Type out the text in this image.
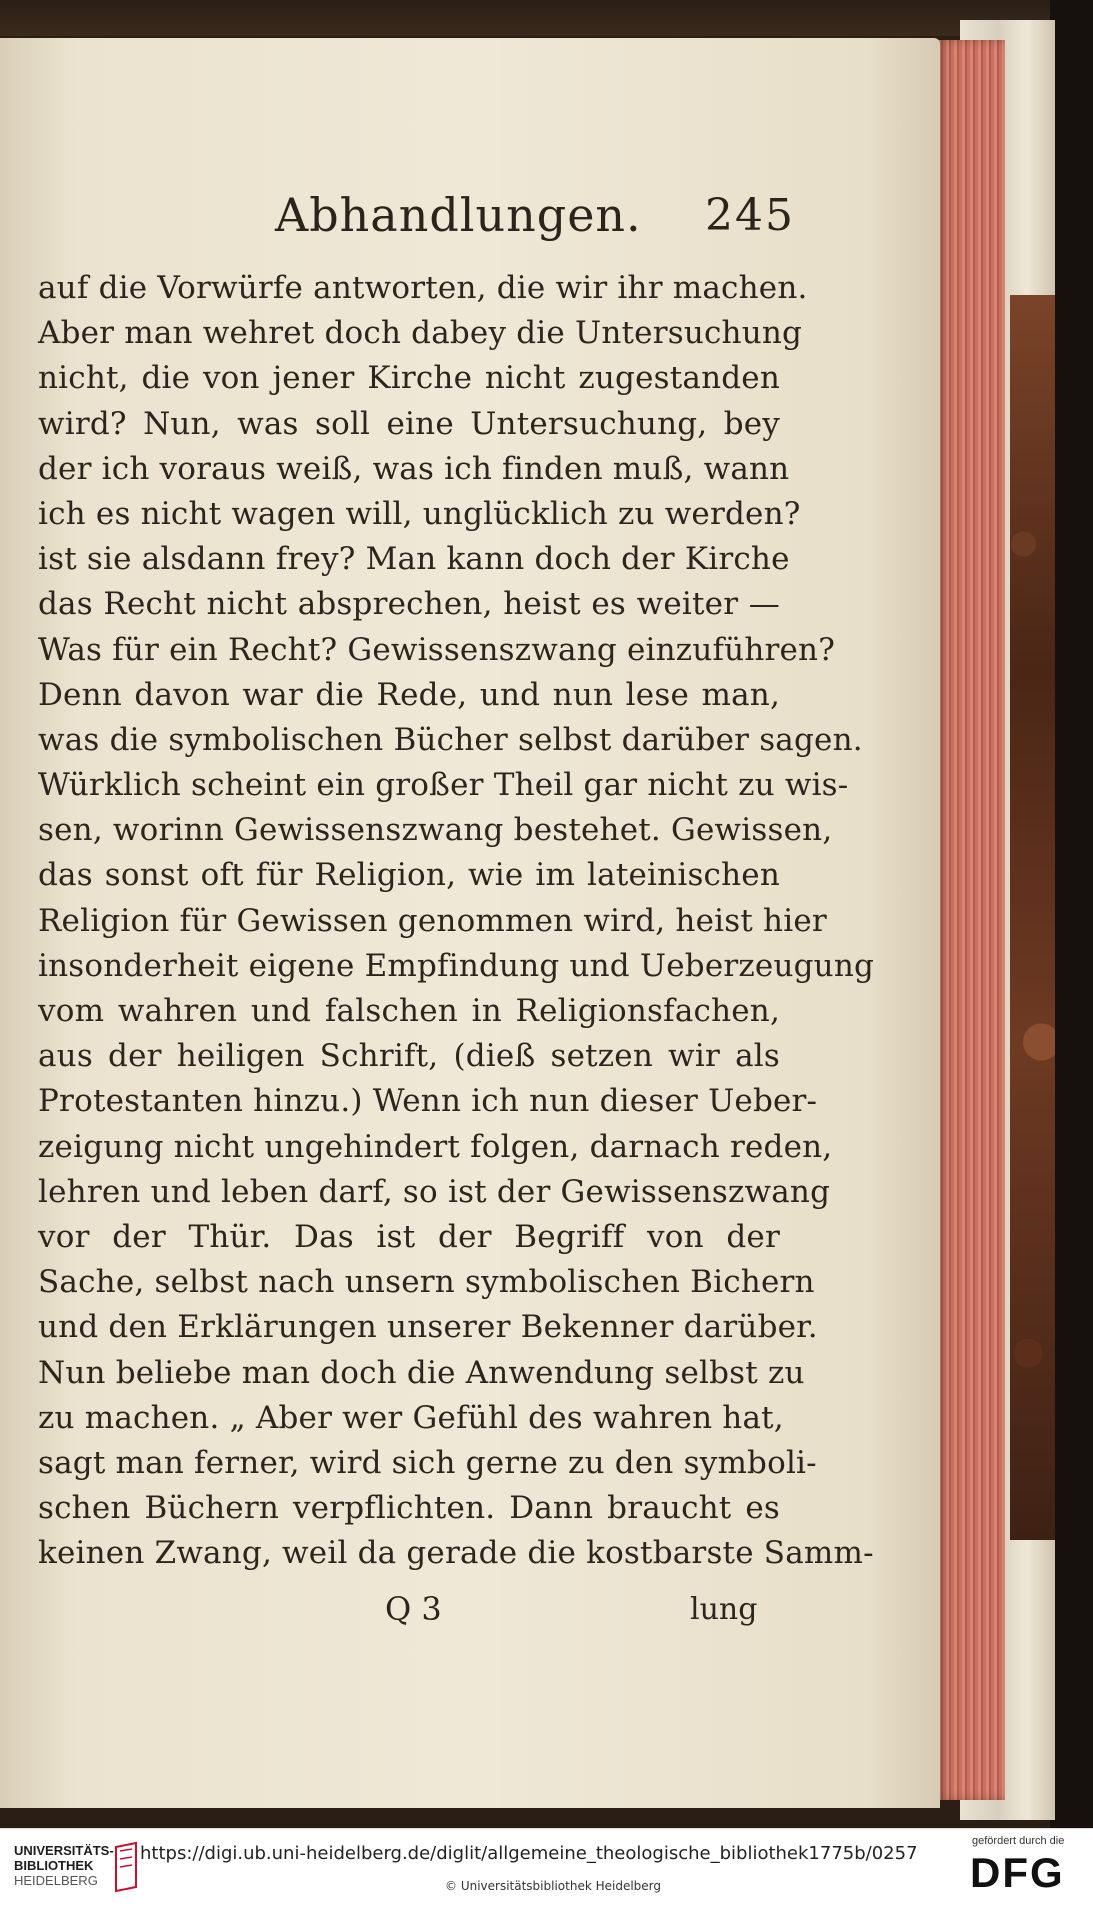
Abhandlungen. 245
auf die Vorwürfe antworten, die wir ihr machen.
Aber man wehret doch dabey die Untersuchung
nicht, die von jener Kirche nicht zugestanden
wird? Nun, was soll eine Untersuchung, bey
der ich voraus weiß, was ich finden muß, wann
ich es nicht wagen will, unglücklich zu werden?
ist sie alsdann frey? Man kann doch der Kirche
das Recht nicht absprechen, heist es weiter —
Was für ein Recht? Gewissenszwang einzuführen?
Denn davon war die Rede, und nun lese man,
was die symbolischen Bücher selbst darüber sagen.
Würklich scheint ein großer Theil gar nicht zu wis-
sen, worinn Gewissenszwang bestehet. Gewissen,
das sonst oft für Religion, wie im lateinischen
Religion für Gewissen genommen wird, heist hier
insonderheit eigene Empfindung und Ueberzeugung
vom wahren und falschen in Religionsfachen,
aus der heiligen Schrift, (dieß setzen wir als
Protestanten hinzu.) Wenn ich nun dieser Ueber-
zeigung nicht ungehindert folgen, darnach reden,
lehren und leben darf, so ist der Gewissenszwang
vor der Thür. Das ist der Begriff von der
Sache, selbst nach unsern symbolischen Bichern
und den Erklärungen unserer Bekenner darüber.
Nun beliebe man doch die Anwendung selbst zu
zu machen. „ Aber wer Gefühl des wahren hat,
sagt man ferner, wird sich gerne zu den symboli-
schen Büchern verpflichten. Dann braucht es
keinen Zwang, weil da gerade die kostbarste Samm-
Q 3	lung
UNIVERSITÄTS-
BIBLIOTHEK
HEIDELBERG
https://digi.ub.uni-heidelberg.de/diglit/allgemeine_theologische_bibliothek1775b/0257
© Universitätsbibliothek Heidelberg
gefördert durch die
DFG
